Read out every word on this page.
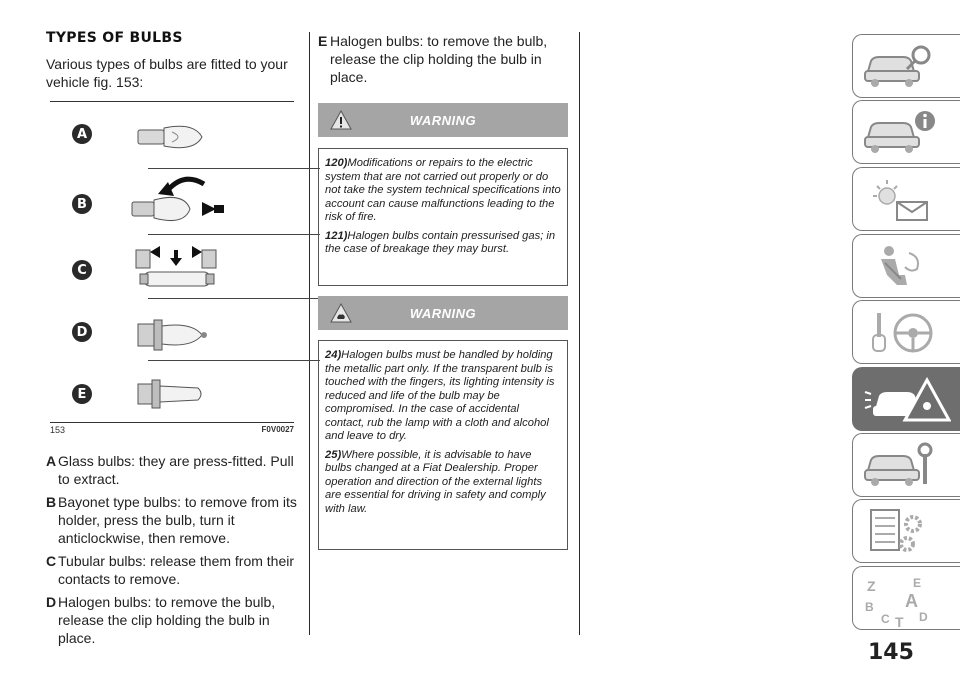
TYPES OF BULBS
Various types of bulbs are fitted to your vehicle fig. 153:
A
B
C
D
E
153	F0V0027
A Glass bulbs: they are press-fitted. Pull to extract.
B Bayonet type bulbs: to remove from its holder, press the bulb, turn it anticlockwise, then remove.
C Tubular bulbs: release them from their contacts to remove.
D Halogen bulbs: to remove the bulb, release the clip holding the bulb in place.
E Halogen bulbs: to remove the bulb, release the clip holding the bulb in place.
WARNING

120)Modifications or repairs to the electric system that are not carried out properly or do not take the system technical specifications into account can cause malfunctions leading to the risk of fire.

121)Halogen bulbs contain pressurised gas; in the case of breakage they may burst.

WARNING

24)Halogen bulbs must be handled by holding the metallic part only. If the transparent bulb is touched with the fingers, its lighting intensity is reduced and life of the bulb may be compromised. In the case of accidental contact, rub the lamp with a cloth and alcohol and leave to dry.

25)Where possible, it is advisable to have bulbs changed at a Fiat Dealership. Proper operation and direction of the external lights are essential for driving in safety and comply with law.

Z	E
B A
C T D
145
